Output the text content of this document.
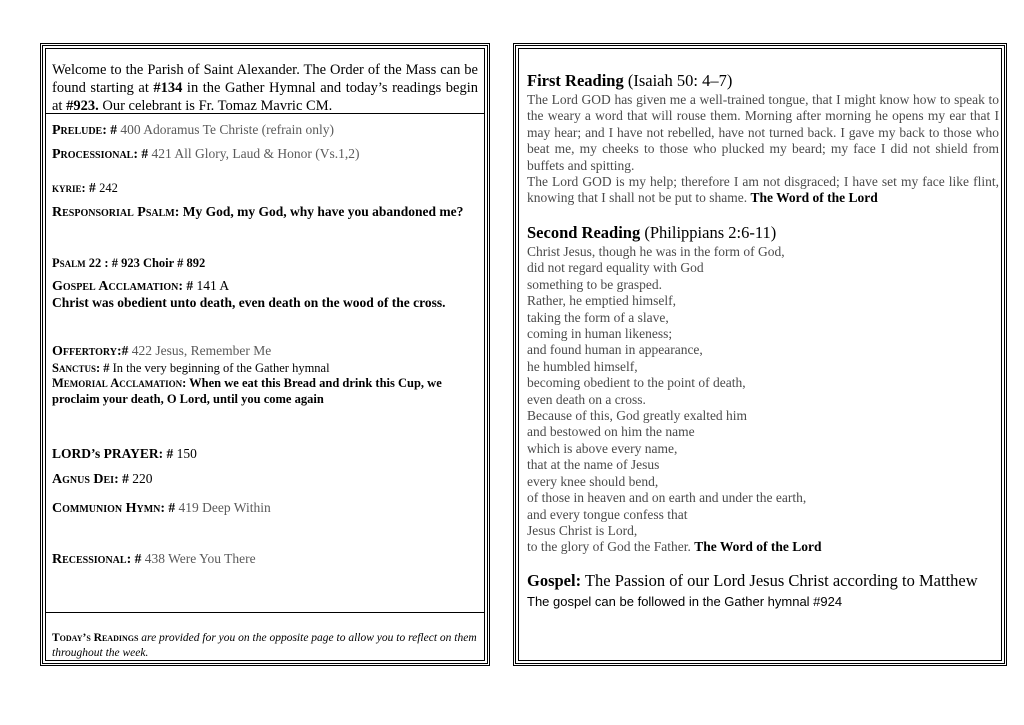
Welcome to the Parish of Saint Alexander. The Order of the Mass can be found starting at #134 in the Gather Hymnal and today’s readings begin at #923. Our celebrant is Fr. Tomaz Mavric CM.
Prelude: # 400 Adoramus Te Christe (refrain only)
Processional: # 421 All Glory, Laud & Honor (Vs.1,2)
kyrie: # 242
Responsorial Psalm: My God, my God, why have you abandoned me?
Psalm 22 : # 923 Choir # 892
Gospel Acclamation: # 141 A
Christ was obedient unto death, even death on the wood of the cross.
Offertory:# 422 Jesus, Remember Me
Sanctus: # In the very beginning of the Gather hymnal
Memorial Acclamation: When we eat this Bread and drink this Cup, we proclaim your death, O Lord, until you come again
LORD’s PRAYER: # 150
Agnus Dei: # 220
Communion Hymn: # 419 Deep Within
Recessional: # 438 Were You There
Today’s Readings are provided for you on the opposite page to allow you to reflect on them throughout the week.
First Reading (Isaiah 50: 4–7)
The Lord GOD has given me a well-trained tongue, that I might know how to speak to the weary a word that will rouse them. Morning after morning he opens my ear that I may hear; and I have not rebelled, have not turned back. I gave my back to those who beat me, my cheeks to those who plucked my beard; my face I did not shield from buffets and spitting.
The Lord GOD is my help; therefore I am not disgraced; I have set my face like flint, knowing that I shall not be put to shame. The Word of the Lord
Second Reading (Philippians 2:6-11)
Christ Jesus, though he was in the form of God,
did not regard equality with God
something to be grasped.
Rather, he emptied himself,
taking the form of a slave,
coming in human likeness;
and found human in appearance,
he humbled himself,
becoming obedient to the point of death,
even death on a cross.
Because of this, God greatly exalted him
and bestowed on him the name
which is above every name,
that at the name of Jesus
every knee should bend,
of those in heaven and on earth and under the earth,
and every tongue confess that
Jesus Christ is Lord,
to the glory of God the Father. The Word of the Lord
Gospel: The Passion of our Lord Jesus Christ according to Matthew
The gospel can be followed in the Gather hymnal #924
